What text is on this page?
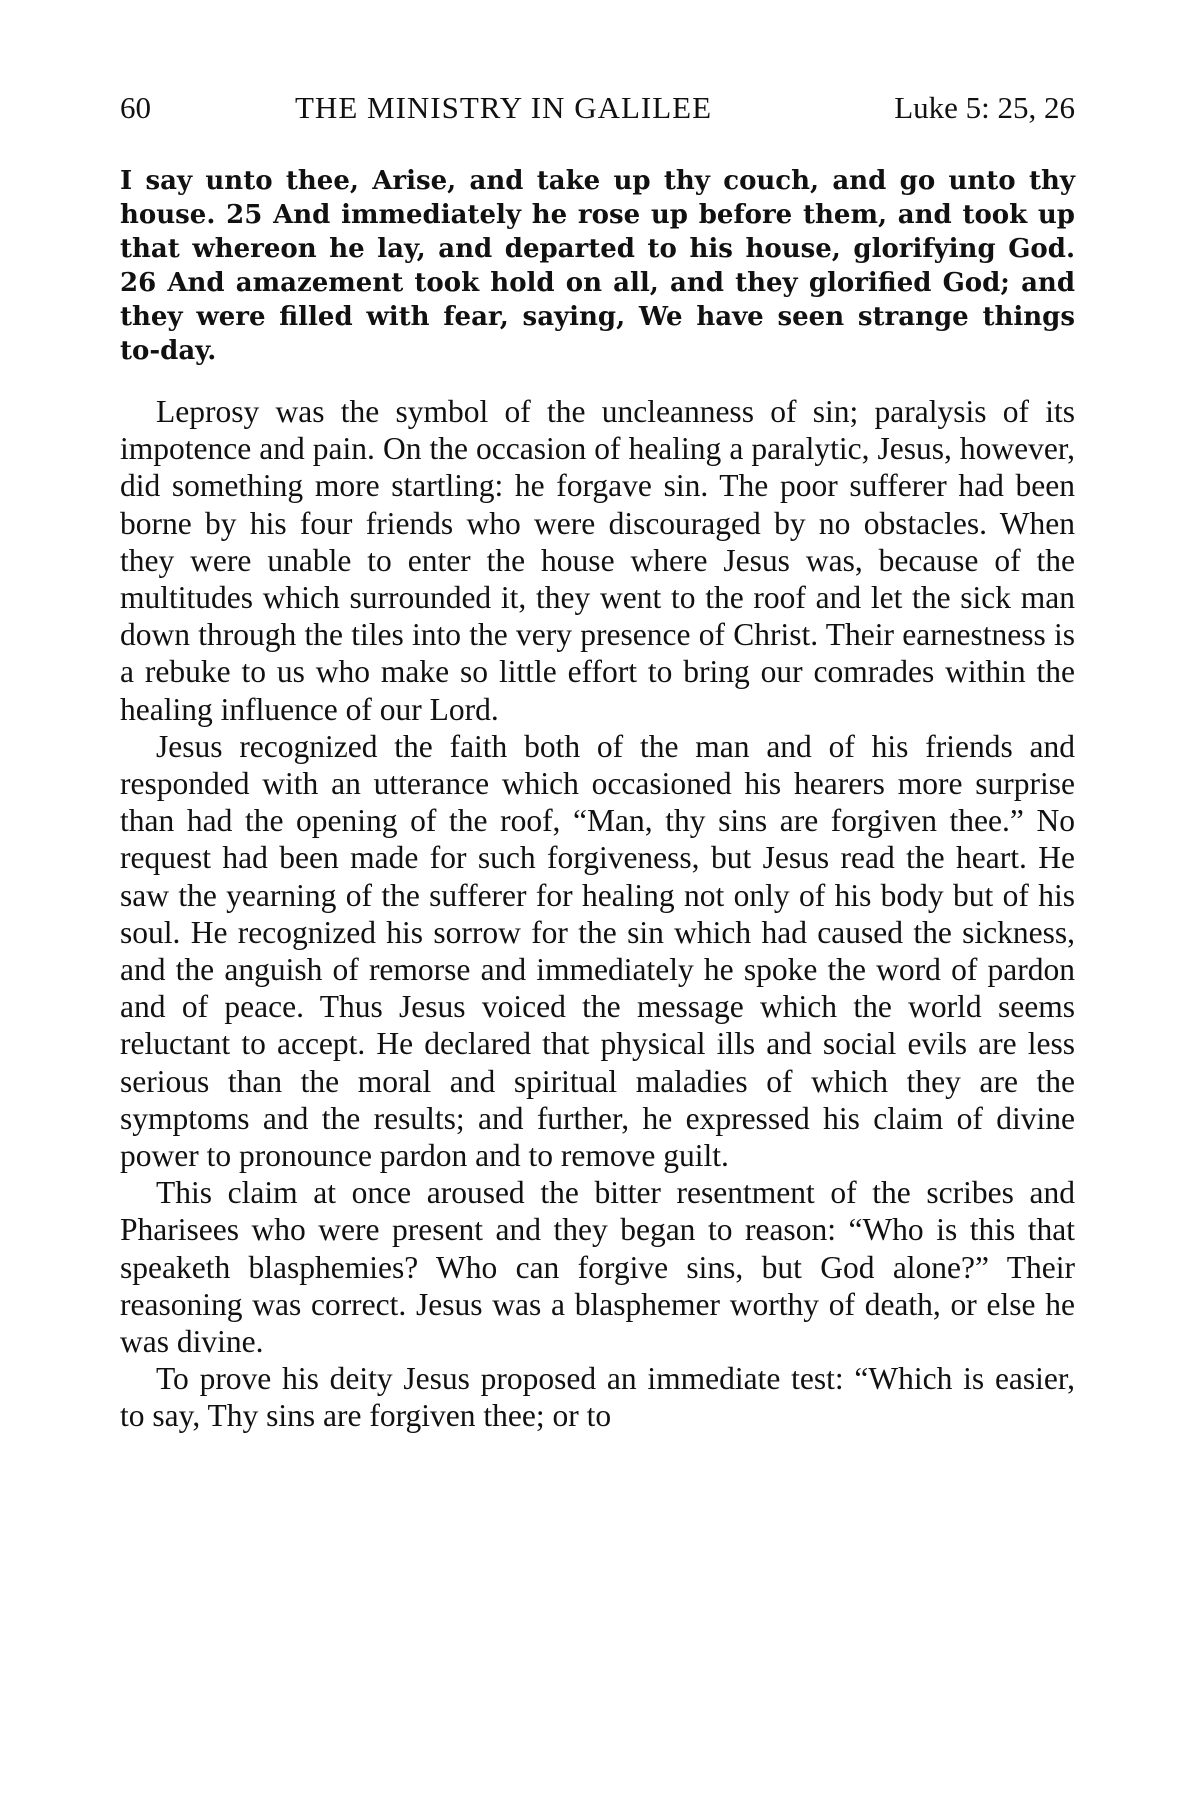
60	THE MINISTRY IN GALILEE	Luke 5: 25, 26

I say unto thee, Arise, and take up thy couch, and go unto thy house. 25 And immediately he rose up before them, and took up that whereon he lay, and departed to his house, glorifying God. 26 And amazement took hold on all, and they glorified God; and they were filled with fear, saying, We have seen strange things to-day.

Leprosy was the symbol of the uncleanness of sin; paralysis of its impotence and pain. On the occasion of healing a paralytic, Jesus, however, did something more startling: he forgave sin. The poor sufferer had been borne by his four friends who were discouraged by no obstacles. When they were unable to enter the house where Jesus was, because of the multitudes which surrounded it, they went to the roof and let the sick man down through the tiles into the very presence of Christ. Their earnestness is a rebuke to us who make so little effort to bring our comrades within the healing influence of our Lord.

Jesus recognized the faith both of the man and of his friends and responded with an utterance which occasioned his hearers more surprise than had the opening of the roof, “Man, thy sins are forgiven thee.” No request had been made for such forgiveness, but Jesus read the heart. He saw the yearning of the sufferer for healing not only of his body but of his soul. He recognized his sorrow for the sin which had caused the sickness, and the anguish of remorse and immediately he spoke the word of pardon and of peace. Thus Jesus voiced the message which the world seems reluctant to accept. He declared that physical ills and social evils are less serious than the moral and spiritual maladies of which they are the symptoms and the results; and further, he expressed his claim of divine power to pronounce pardon and to remove guilt.

This claim at once aroused the bitter resentment of the scribes and Pharisees who were present and they began to reason: “Who is this that speaketh blasphemies? Who can forgive sins, but God alone?” Their reasoning was correct. Jesus was a blasphemer worthy of death, or else he was divine.

To prove his deity Jesus proposed an immediate test: “Which is easier, to say, Thy sins are forgiven thee; or to
